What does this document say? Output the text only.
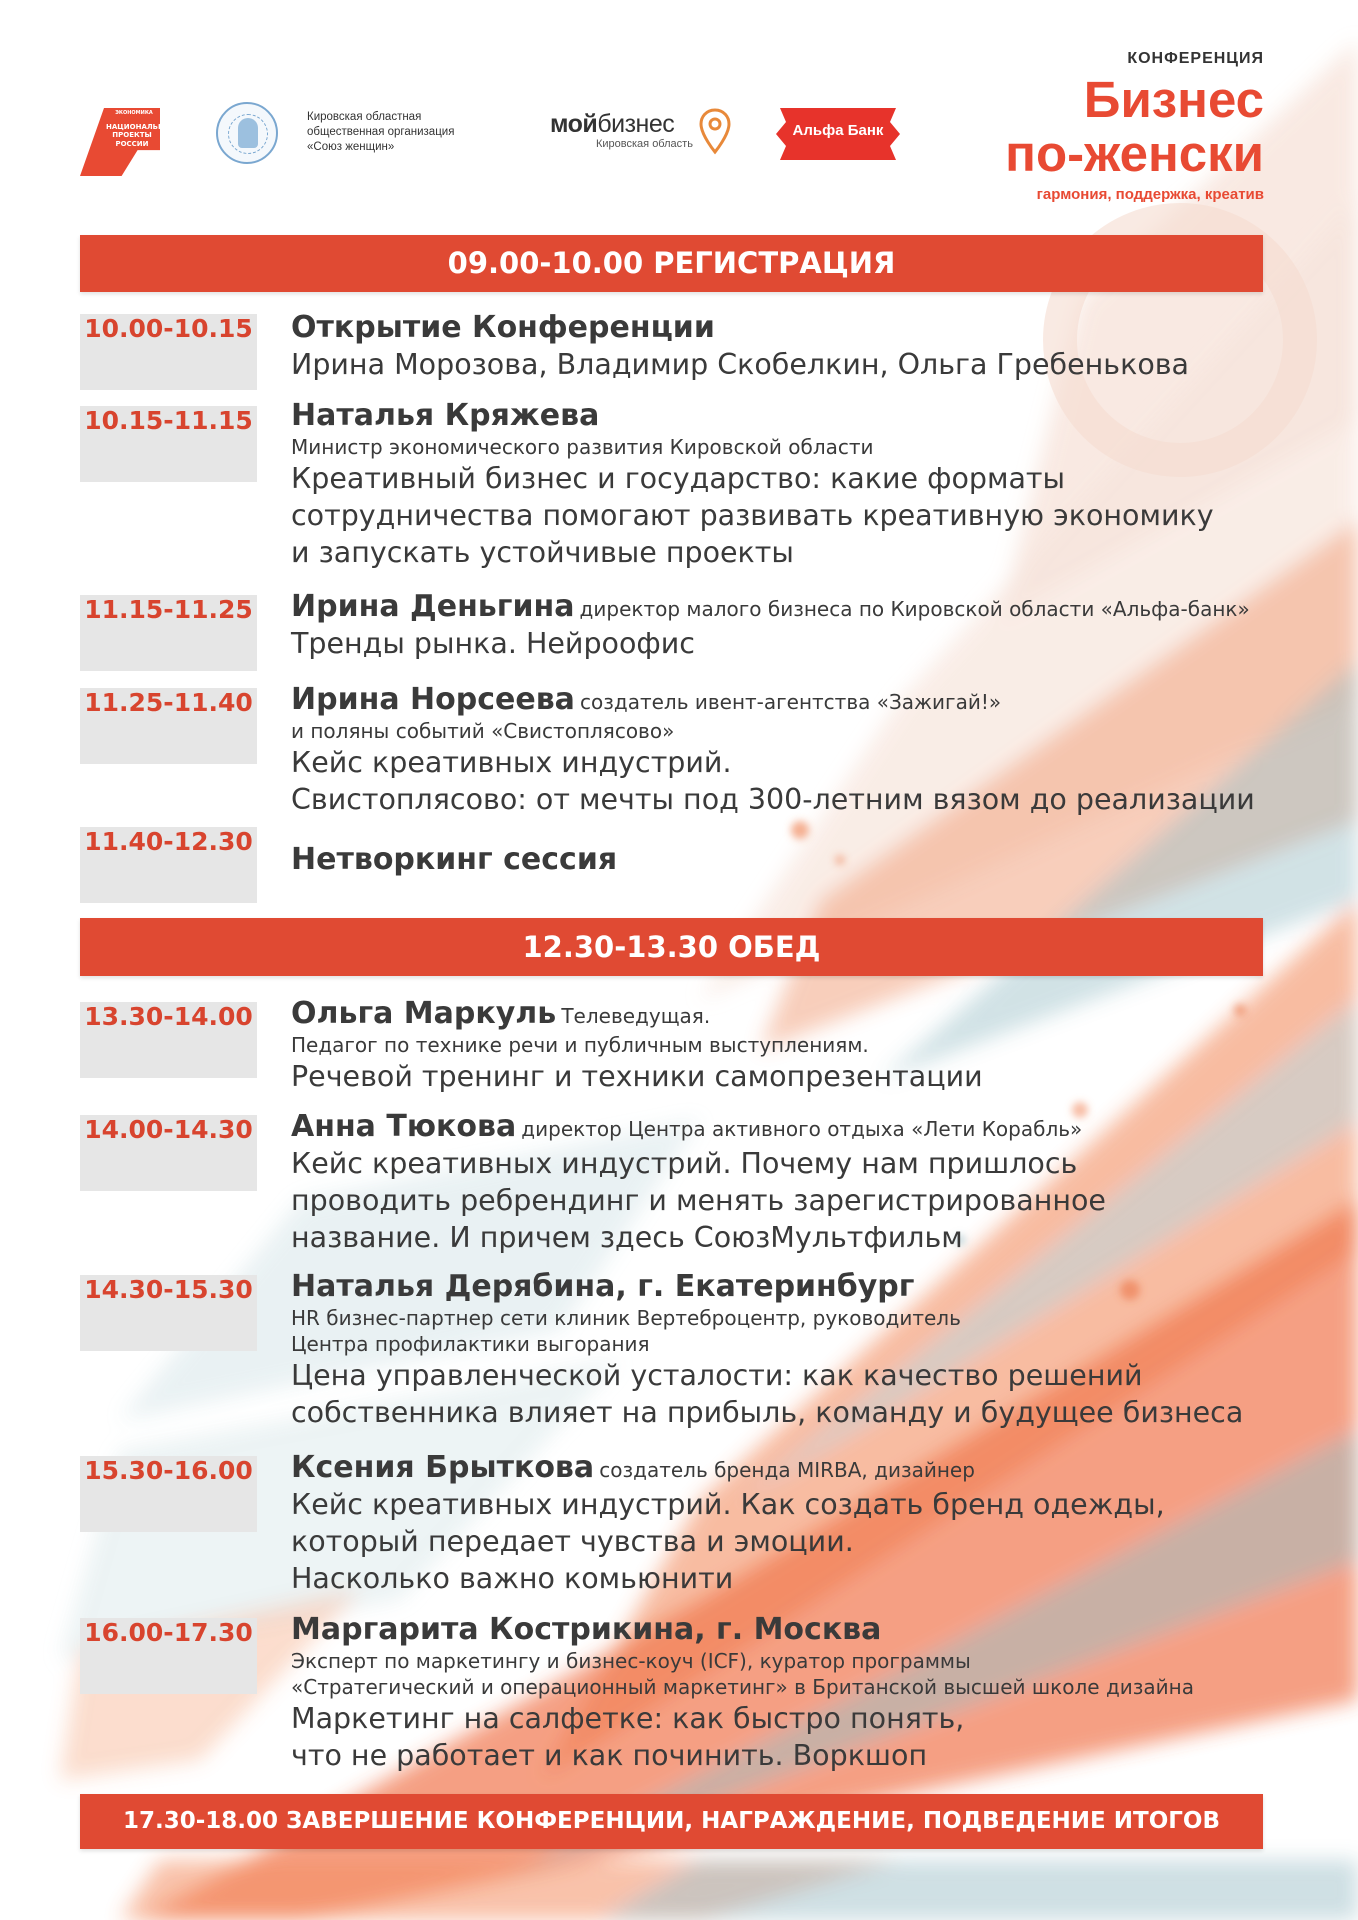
ЭКОНОМИКА
НАЦИОНАЛЬНЫЕ
ПРОЕКТЫ
РОССИИ
Кировская областная
общественная организация
«Союз женщин»
мойбизнес
Кировская область
Альфа Банк
КОНФЕРЕНЦИЯ
Бизнес
по-женски
гармония, поддержка, креатив
09.00-10.00 РЕГИСТРАЦИЯ
10.00-10.15 Открытие Конференции
Ирина Морозова, Владимир Скобелкин, Ольга Гребенькова
10.15-11.15 Наталья Кряжева
Министр экономического развития Кировской области
Креативный бизнес и государство: какие форматы
сотрудничества помогают развивать креативную экономику
и запускать устойчивые проекты
11.15-11.25 Ирина Деньгина директор малого бизнеса по Кировской области «Альфа-банк»
Тренды рынка. Нейроофис
11.25-11.40 Ирина Норсеева создатель ивент-агентства «Зажигай!»
и поляны событий «Свистоплясово»
Кейс креативных индустрий.
Свистоплясово: от мечты под 300-летним вязом до реализации
11.40-12.30
Нетворкинг сессия
12.30-13.30 ОБЕД
13.30-14.00 Ольга Маркуль Телеведущая.
Педагог по технике речи и публичным выступлениям.
Речевой тренинг и техники самопрезентации
14.00-14.30 Анна Тюкова директор Центра активного отдыха «Лети Корабль»
Кейс креативных индустрий. Почему нам пришлось
проводить ребрендинг и менять зарегистрированное
название. И причем здесь СоюзМультфильм
14.30-15.30 Наталья Дерябина, г. Екатеринбург
HR бизнес-партнер сети клиник Вертеброцентр, руководитель
Центра профилактики выгорания
Цена управленческой усталости: как качество решений
собственника влияет на прибыль, команду и будущее бизнеса
15.30-16.00 Ксения Брыткова создатель бренда MIRBA, дизайнер
Кейс креативных индустрий. Как создать бренд одежды,
который передает чувства и эмоции.
Насколько важно комьюнити
16.00-17.30 Маргарита Кострикина, г. Москва
Эксперт по маркетингу и бизнес-коуч (ICF), куратор программы
«Стратегический и операционный маркетинг» в Британской высшей школе дизайна
Маркетинг на салфетке: как быстро понять,
что не работает и как починить. Воркшоп
17.30-18.00 ЗАВЕРШЕНИЕ КОНФЕРЕНЦИИ, НАГРАЖДЕНИЕ, ПОДВЕДЕНИЕ ИТОГОВ
